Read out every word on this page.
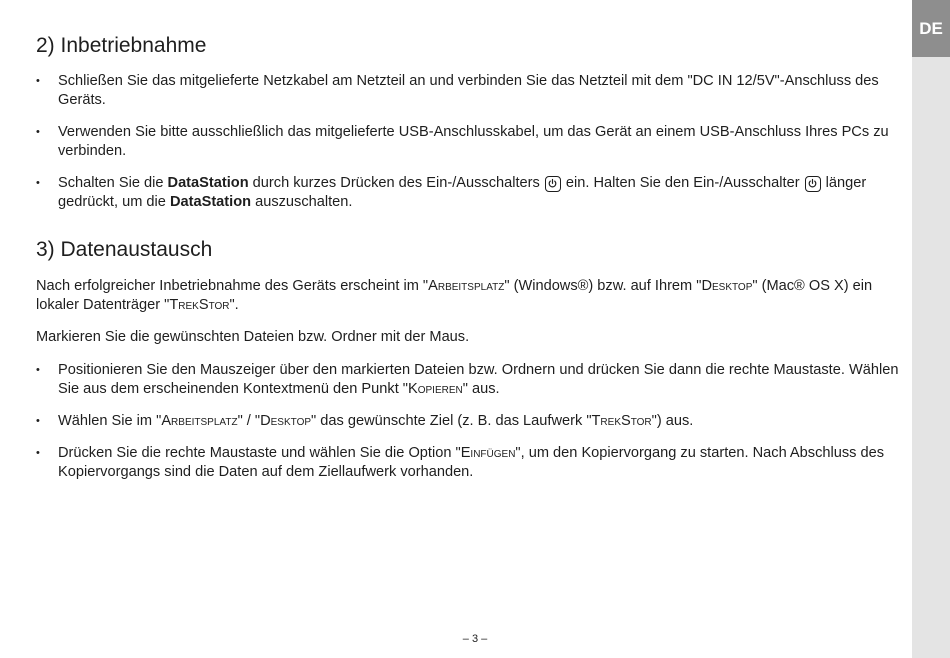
DE
2) Inbetriebnahme
• Schließen Sie das mitgelieferte Netzkabel am Netzteil an und verbinden Sie das Netzteil mit dem "DC IN 12/5V"-Anschluss des Geräts.
• Verwenden Sie bitte ausschließlich das mitgelieferte USB-Anschlusskabel, um das Gerät an einem USB-Anschluss Ihres PCs zu verbinden.
• Schalten Sie die DataStation durch kurzes Drücken des Ein-/Ausschalters
ein. Halten Sie den Ein-/Ausschalter
länger gedrückt, um die DataStation auszuschalten.
3) Datenaustausch

Nach erfolgreicher Inbetriebnahme des Geräts erscheint im "Arbeitsplatz" (Windows®) bzw. auf Ihrem "Desktop" (Mac® OS X) ein lokaler Datenträger "TrekStor".

Markieren Sie die gewünschten Dateien bzw. Ordner mit der Maus.

• Positionieren Sie den Mauszeiger über den markierten Dateien bzw. Ordnern und drücken Sie dann die rechte Maustaste. Wählen Sie aus dem erscheinenden Kontextmenü den Punkt "Kopieren" aus.
• Wählen Sie im "Arbeitsplatz" / "Desktop" das gewünschte Ziel (z. B. das Laufwerk "TrekStor") aus.
• Drücken Sie die rechte Maustaste und wählen Sie die Option "Einfügen", um den Kopiervorgang zu starten. Nach Abschluss des Kopiervorgangs sind die Daten auf dem Ziellaufwerk vorhanden.
– 3 –
